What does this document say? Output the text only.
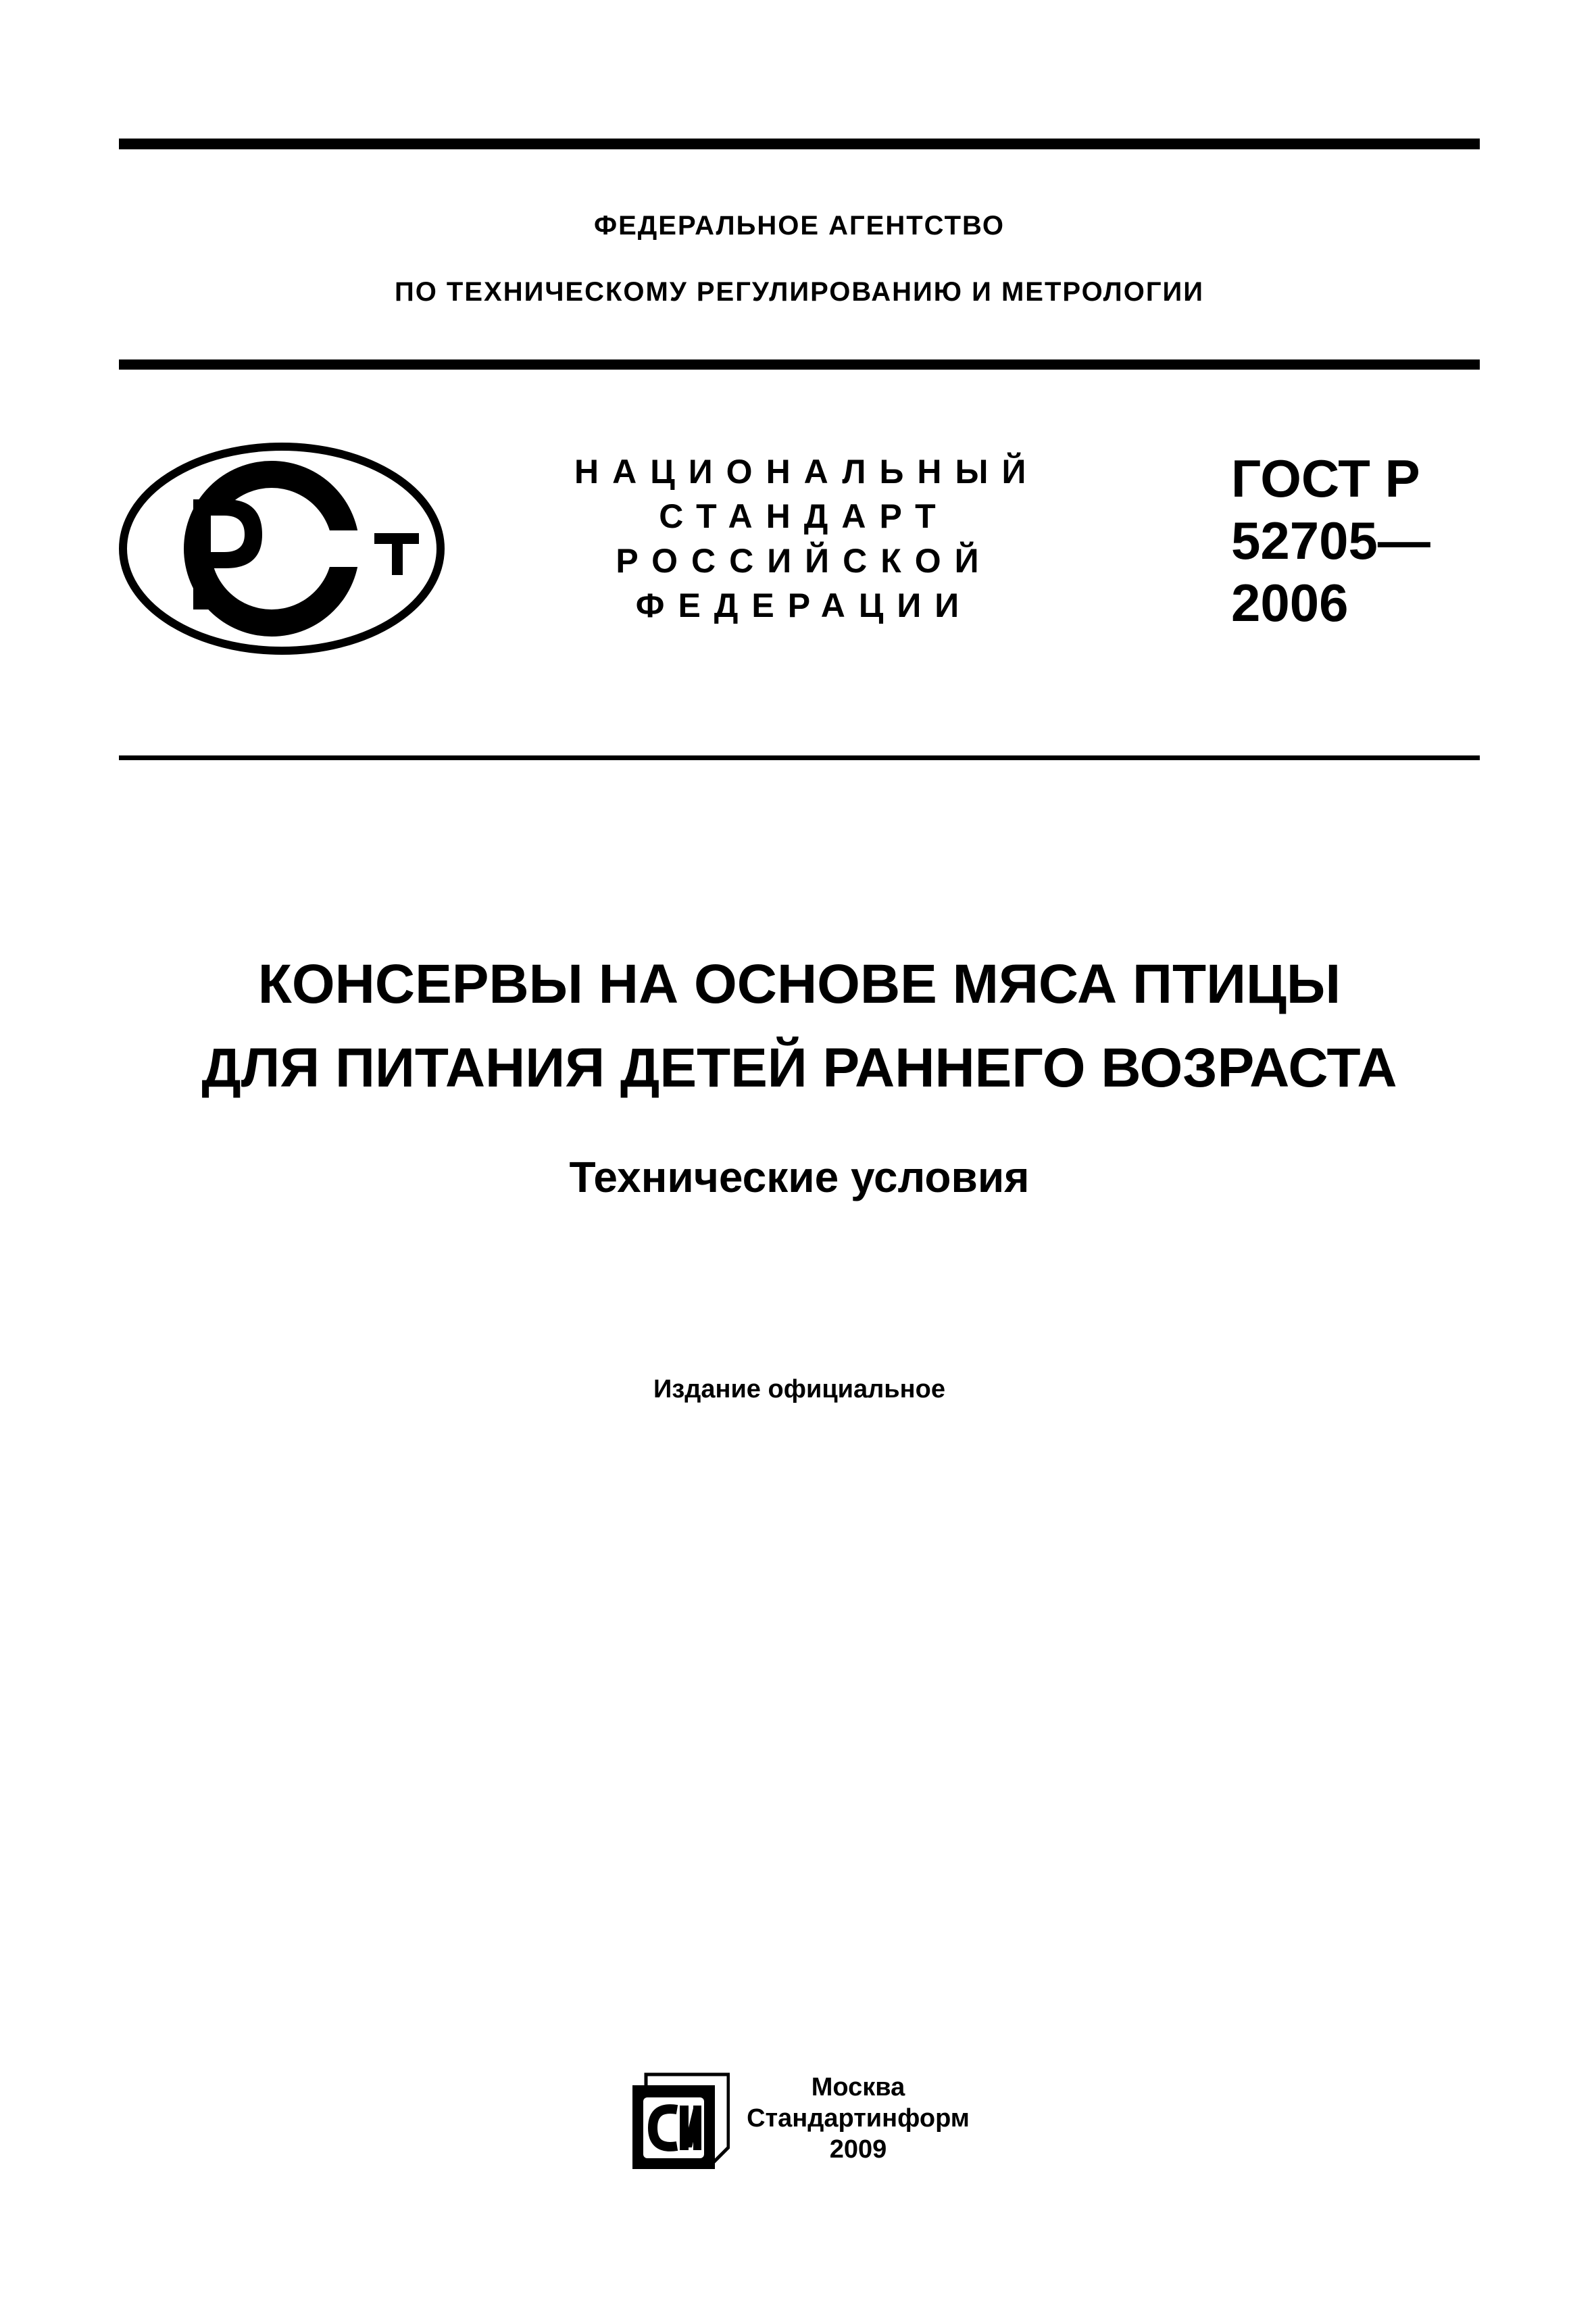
ФЕДЕРАЛЬНОЕ АГЕНТСТВО
ПО ТЕХНИЧЕСКОМУ РЕГУЛИРОВАНИЮ И МЕТРОЛОГИИ
НАЦИОНАЛЬНЫЙ
СТАНДАРТ
РОССИЙСКОЙ
ФЕДЕРАЦИИ
ГОСТ Р
52705—
2006
КОНСЕРВЫ НА ОСНОВЕ МЯСА ПТИЦЫ
ДЛЯ ПИТАНИЯ ДЕТЕЙ РАННЕГО ВОЗРАСТА
Технические условия
Издание официальное
Москва
Стандартинформ
2009
